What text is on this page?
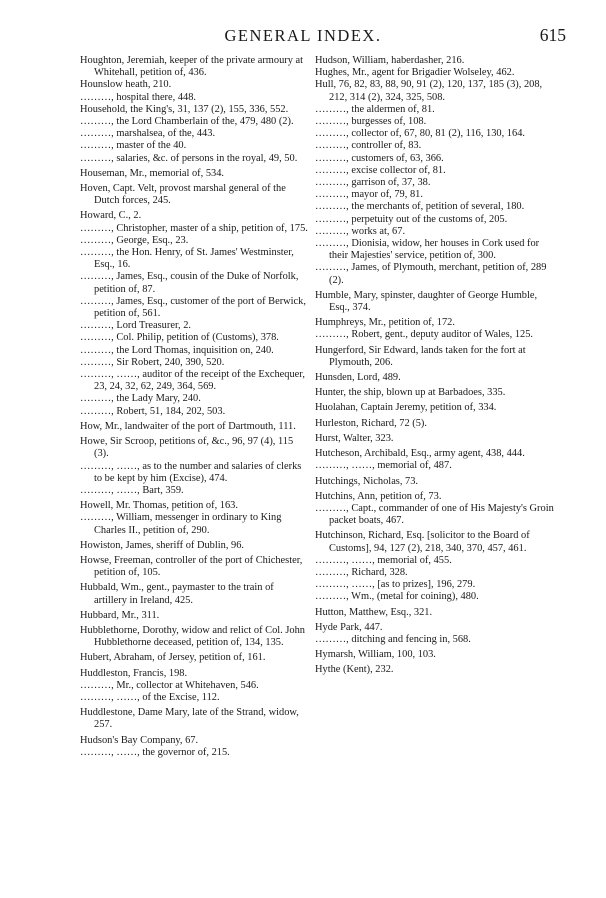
GENERAL INDEX.	615

Houghton, Jeremiah, keeper of the private armoury at Whitehall, petition of, 436.

Hounslow heath, 210.

………, hospital there, 448.

Household, the King's, 31, 137 (2), 155, 336, 552.

………, the Lord Chamberlain of the, 479, 480 (2).

………, marshalsea, of the, 443.

………, master of the 40.

………, salaries, &c. of persons in the royal, 49, 50.

Houseman, Mr., memorial of, 534.

Hoven, Capt. Velt, provost marshal general of the Dutch forces, 245.

Howard, C., 2.

………, Christopher, master of a ship, petition of, 175.

………, George, Esq., 23.

………, the Hon. Henry, of St. James' Westminster, Esq., 16.

………, James, Esq., cousin of the Duke of Norfolk, petition of, 87.

………, James, Esq., customer of the port of Berwick, petition of, 561.

………, Lord Treasurer, 2.

………, Col. Philip, petition of (Customs), 378.

………, the Lord Thomas, inquisition on, 240.

………, Sir Robert, 240, 390, 520.

………, ……, auditor of the receipt of the Exchequer, 23, 24, 32, 62, 249, 364, 569.

………, the Lady Mary, 240.

………, Robert, 51, 184, 202, 503.

How, Mr., landwaiter of the port of Dartmouth, 111.

Howe, Sir Scroop, petitions of, &c., 96, 97 (4), 115 (3).

………, ……, as to the number and salaries of clerks to be kept by him (Excise), 474.

………, ……, Bart, 359.

Howell, Mr. Thomas, petition of, 163.

………, William, messenger in ordinary to King Charles II., petition of, 290.

Howiston, James, sheriff of Dublin, 96.

Howse, Freeman, controller of the port of Chichester, petition of, 105.

Hubbald, Wm., gent., paymaster to the train of artillery in Ireland, 425.

Hubbard, Mr., 311.

Hubblethorne, Dorothy, widow and relict of Col. John Hubblethorne deceased, petition of, 134, 135.

Hubert, Abraham, of Jersey, petition of, 161.

Huddleston, Francis, 198.

………, Mr., collector at Whitehaven, 546.

………, ……, of the Excise, 112.

Huddlestone, Dame Mary, late of the Strand, widow, 257.

Hudson's Bay Company, 67.

………, ……, the governor of, 215.

Hudson, William, haberdasher, 216.

Hughes, Mr., agent for Brigadier Wolseley, 462.

Hull, 76, 82, 83, 88, 90, 91 (2), 120, 137, 185 (3), 208, 212, 314 (2), 324, 325, 508.

………, the aldermen of, 81.

………, burgesses of, 108.

………, collector of, 67, 80, 81 (2), 116, 130, 164.

………, controller of, 83.

………, customers of, 63, 366.

………, excise collector of, 81.

………, garrison of, 37, 38.

………, mayor of, 79, 81.

………, the merchants of, petition of several, 180.

………, perpetuity out of the customs of, 205.

………, works at, 67.

………, Dionisia, widow, her houses in Cork used for their Majesties' service, petition of, 300.

………, James, of Plymouth, merchant, petition of, 289 (2).

Humble, Mary, spinster, daughter of George Humble, Esq., 374.

Humphreys, Mr., petition of, 172.

………, Robert, gent., deputy auditor of Wales, 125.

Hungerford, Sir Edward, lands taken for the fort at Plymouth, 206.

Hunsden, Lord, 489.

Hunter, the ship, blown up at Barbadoes, 335.

Huolahan, Captain Jeremy, petition of, 334.

Hurleston, Richard, 72 (5).

Hurst, Walter, 323.

Hutcheson, Archibald, Esq., army agent, 438, 444.

………, ……, memorial of, 487.

Hutchings, Nicholas, 73.

Hutchins, Ann, petition of, 73.

………, Capt., commander of one of His Majesty's Groin packet boats, 467.

Hutchinson, Richard, Esq. [solicitor to the Board of Customs], 94, 127 (2), 218, 340, 370, 457, 461.

………, ……, memorial of, 455.

………, Richard, 328.

………, ……, [as to prizes], 196, 279.

………, Wm., (metal for coining), 480.

Hutton, Matthew, Esq., 321.

Hyde Park, 447.

………, ditching and fencing in, 568.

Hymarsh, William, 100, 103.

Hythe (Kent), 232.
